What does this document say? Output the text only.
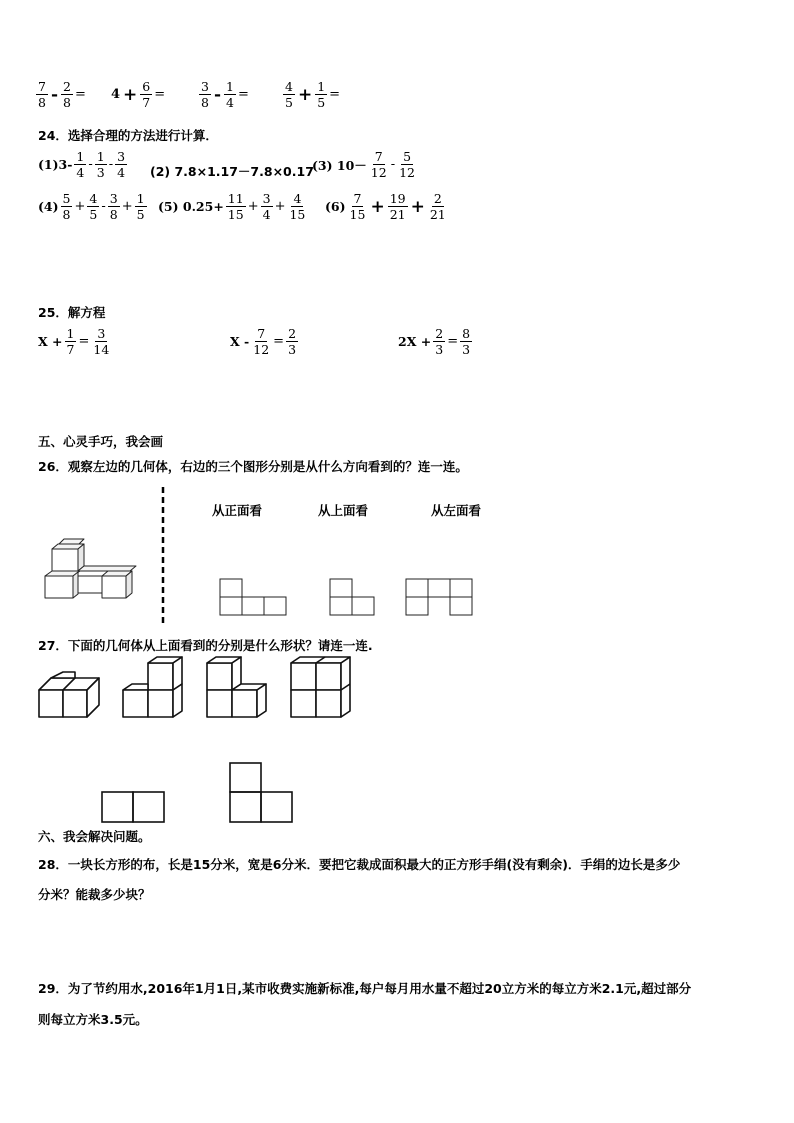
$\frac{7}{8} - \frac{2}{8} = 4 + \frac{6}{7}$ =	$\frac{3}{8} - \frac{1}{4}$ =	$\frac{4}{5} + \frac{1}{5}$ =
24．选择合理的方法进行计算．
$(1)3- \frac{1}{4} - \frac{1}{3} - \frac{3}{4} (2)$ 7.8×1.17－7.8×0.17
(3) $10- \frac{7}{12} - \frac{5}{12}$
$(4) \frac{5}{8} + \frac{4}{5} - \frac{3}{8} + \frac{1}{5} (5)$ $0.25+ \frac{11}{15} + \frac{3}{4} + \frac{4}{15} (6) \frac{7}{15} + \frac{19}{21} + \frac{2}{21}$
25．解方程
$X + \frac{1}{7} = \frac{3}{14}$	$X - \frac{7}{12} = \frac{2}{3}$	$2X + \frac{2}{3} = \frac{8}{3}$
五、心灵手巧，我会画
26．观察左边的几何体，右边的三个图形分别是从什么方向看到的？连一连。
从正面看	从上面看	从左面看
27．下面的几何体从上面看到的分别是什么形状？请连一连.
六、我会解决问题。
28．一块长方形的布，长是15分米，宽是6分米．要把它裁成面积最大的正方形手绢(没有剩余)．手绢的边长是多少
分米？能裁多少块？
29．为了节约用水,2016年1月1日,某市收费实施新标准,每户每月用水量不超过20立方米的每立方米2.1元,超过部分
则每立方米3.5元。
